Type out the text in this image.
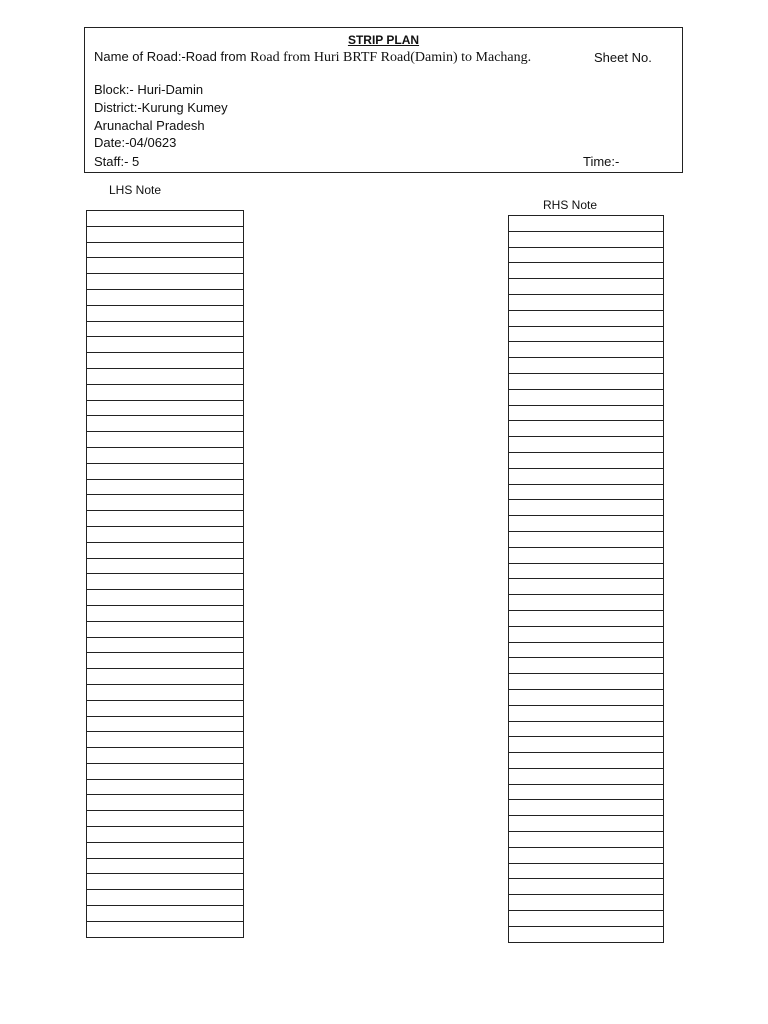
STRIP PLAN
Name of Road:-Road from Road from Huri BRTF Road(Damin) to Machang.	Sheet No.
Block:- Huri-Damin
District:-Kurung Kumey
Arunachal Pradesh
Date:-04/0623
Staff:- 5	Time:-
LHS Note

RHS Note
